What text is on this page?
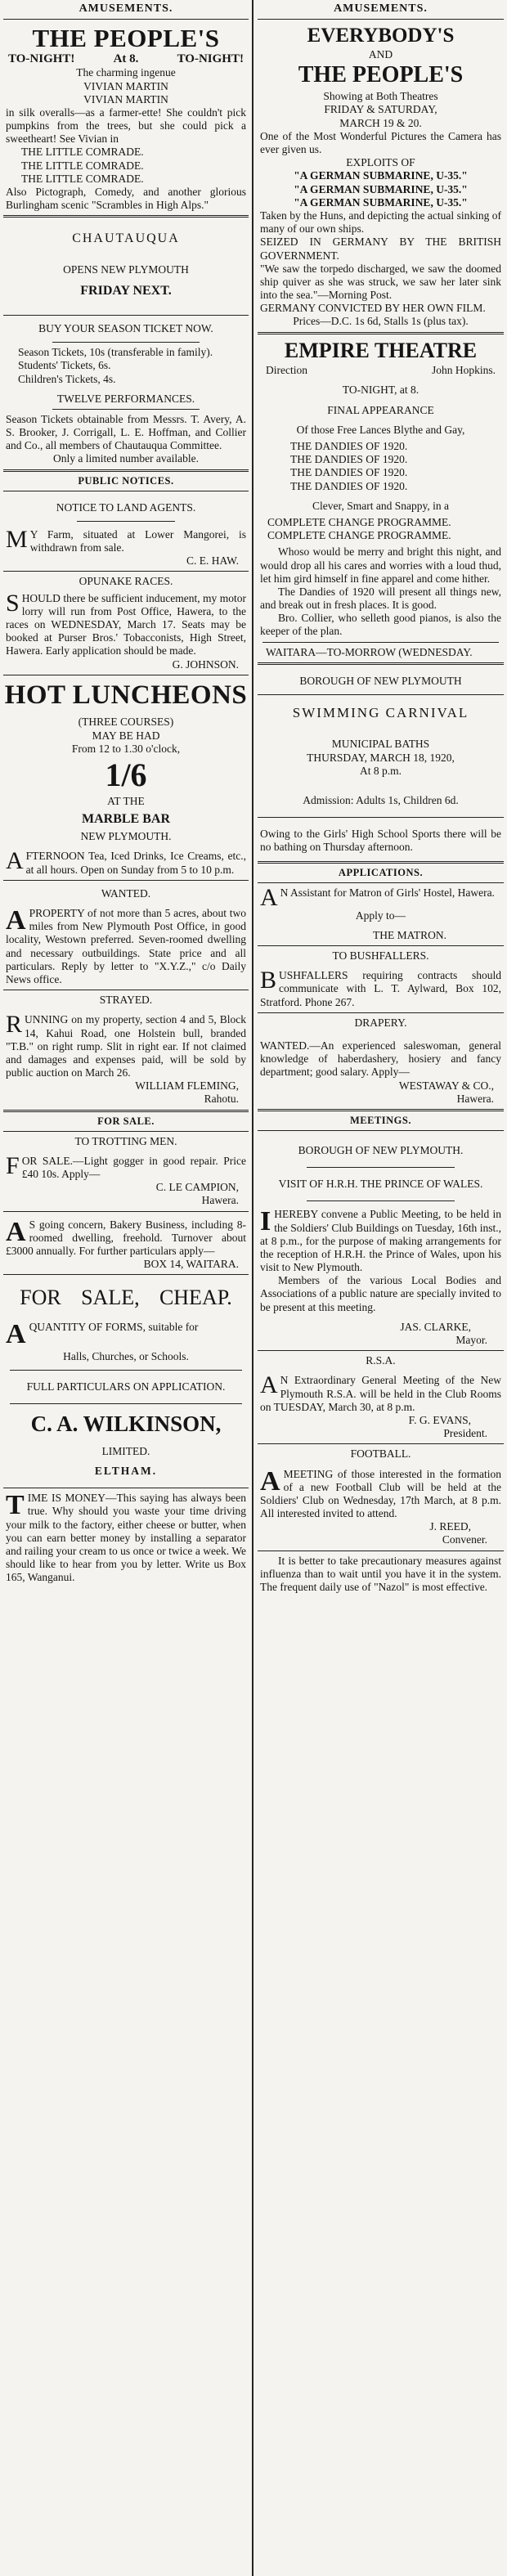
AMUSEMENTS.
THE PEOPLE'S
TO-NIGHT!	At 8.	TO-NIGHT!
The charming ingenue
VIVIAN MARTIN
VIVIAN MARTIN
in silk overalls—as a farmer-ette! She couldn't pick pumpkins from the trees, but she could pick a sweetheart! See Vivian in
THE LITTLE COMRADE.
THE LITTLE COMRADE.
THE LITTLE COMRADE.
Also Pictograph, Comedy, and another glorious Burlingham scenic "Scrambles in High Alps."
CHAUTAUQUA
OPENS NEW PLYMOUTH
FRIDAY NEXT.
BUY YOUR SEASON TICKET NOW.
Season Tickets, 10s (transferable in family).
Students' Tickets, 6s.
Children's Tickets, 4s.
TWELVE PERFORMANCES.
Season Tickets obtainable from Messrs. T. Avery, A. S. Brooker, J. Corrigall, L. E. Hoffman, and Collier and Co., all members of Chautauqua Committee.
Only a limited number available.
PUBLIC NOTICES.
NOTICE TO LAND AGENTS.
M Y Farm, situated at Lower Mangorei, is withdrawn from sale.
C. E. HAW.
OPUNAKE RACES.
SHOULD there be sufficient inducement, my motor lorry will run from Post Office, Hawera, to the races on WEDNESDAY, March 17. Seats may be booked at Purser Bros.' Tobacconists, High Street, Hawera. Early application should be made.
G. JOHNSON.
HOT LUNCHEONS
(THREE COURSES)
MAY BE HAD
From 12 to 1.30 o'clock,
1/6
AT THE
MARBLE BAR
NEW PLYMOUTH.
AFTERNOON Tea, Iced Drinks, Ice Creams, etc., at all hours. Open on Sunday from 5 to 10 p.m.
WANTED.
APROPERTY of not more than 5 acres, about two miles from New Plymouth Post Office, in good locality, Westown preferred. Seven-roomed dwelling and necessary outbuildings. State price and all particulars. Reply by letter to "X.Y.Z.," c/o Daily News office.
STRAYED.
RUNNING on my property, section 4 and 5, Block 14, Kahui Road, one Holstein bull, branded "T.B." on right rump. Slit in right ear. If not claimed and damages and expenses paid, will be sold by public auction on March 26.
WILLIAM FLEMING,
Rahotu.
FOR SALE.
TO TROTTING MEN.
FOR SALE.—Light gogger in good repair. Price £40 10s. Apply—
C. LE CAMPION,
Hawera.
A S going concern, Bakery Business, including 8-roomed dwelling, freehold. Turnover about £3000 annually. For further particulars apply—
BOX 14, WAITARA.
FOR SALE, CHEAP.
AQUANTITY OF FORMS, suitable for
Halls, Churches, or Schools.
FULL PARTICULARS ON APPLICATION.
C. A. WILKINSON,
LIMITED.
ELTHAM.
TIME IS MONEY—This saying has always been true. Why should you waste your time driving your milk to the factory, either cheese or butter, when you can earn better money by installing a separator and railing your cream to us once or twice a week. We should like to hear from you by letter. Write us Box 165, Wanganui.
AMUSEMENTS.
EVERYBODY'S
AND
THE PEOPLE'S
Showing at Both Theatres
FRIDAY & SATURDAY,
MARCH 19 & 20.
One of the Most Wonderful Pictures the Camera has ever given us.
EXPLOITS OF
"A GERMAN SUBMARINE, U-35."
"A GERMAN SUBMARINE, U-35."
"A GERMAN SUBMARINE, U-35."
Taken by the Huns, and depicting the actual sinking of many of our own ships.
SEIZED IN GERMANY BY THE BRITISH GOVERNMENT.
"We saw the torpedo discharged, we saw the doomed ship quiver as she was struck, we saw her later sink into the sea."—Morning Post.
GERMANY CONVICTED BY HER OWN FILM.
Prices—D.C. 1s 6d, Stalls 1s (plus tax).
EMPIRE THEATRE
Direction	John Hopkins.
TO-NIGHT, at 8.
FINAL APPEARANCE
Of those Free Lances Blythe and Gay,
THE DANDIES OF 1920.
THE DANDIES OF 1920.
THE DANDIES OF 1920.
THE DANDIES OF 1920.
Clever, Smart and Snappy, in a
COMPLETE CHANGE PROGRAMME.
COMPLETE CHANGE PROGRAMME.
Whoso would be merry and bright this night, and would drop all his cares and worries with a loud thud, let him gird himself in fine apparel and come hither.
The Dandies of 1920 will present all things new, and break out in fresh places. It is good.
Bro. Collier, who selleth good pianos, is also the keeper of the plan.
WAITARA—TO-MORROW (WEDNESDAY.
BOROUGH OF NEW PLYMOUTH
SWIMMING CARNIVAL
MUNICIPAL BATHS
THURSDAY, MARCH 18, 1920,
At 8 p.m.
Admission: Adults 1s, Children 6d.
Owing to the Girls' High School Sports there will be no bathing on Thursday afternoon.
APPLICATIONS.
A N Assistant for Matron of Girls' Hostel, Hawera.
Apply to—
THE MATRON.
TO BUSHFALLERS.
BUSHFALLERS requiring contracts should communicate with L. T. Aylward, Box 102, Stratford. Phone 267.
DRAPERY.
WANTED.—An experienced saleswoman, general knowledge of haberdashery, hosiery and fancy department; good salary. Apply—
WESTAWAY & CO.,
Hawera.
MEETINGS.
BOROUGH OF NEW PLYMOUTH.
VISIT OF H.R.H. THE PRINCE OF WALES.
IHEREBY convene a Public Meeting, to be held in the Soldiers' Club Buildings on Tuesday, 16th inst., at 8 p.m., for the purpose of making arrangements for the reception of H.R.H. the Prince of Wales, upon his visit to New Plymouth.
Members of the various Local Bodies and Associations of a public nature are specially invited to be present at this meeting.
JAS. CLARKE,
Mayor.
R.S.A.
A N Extraordinary General Meeting of the New Plymouth R.S.A. will be held in the Club Rooms on TUESDAY, March 30, at 8 p.m.
F. G. EVANS,
President.
FOOTBALL.
AMEETING of those interested in the formation of a new Football Club will be held at the Soldiers' Club on Wednesday, 17th March, at 8 p.m. All interested invited to attend.
J. REED,
Convener.
It is better to take precautionary measures against influenza than to wait until you have it in the system. The frequent daily use of "Nazol" is most effective.
